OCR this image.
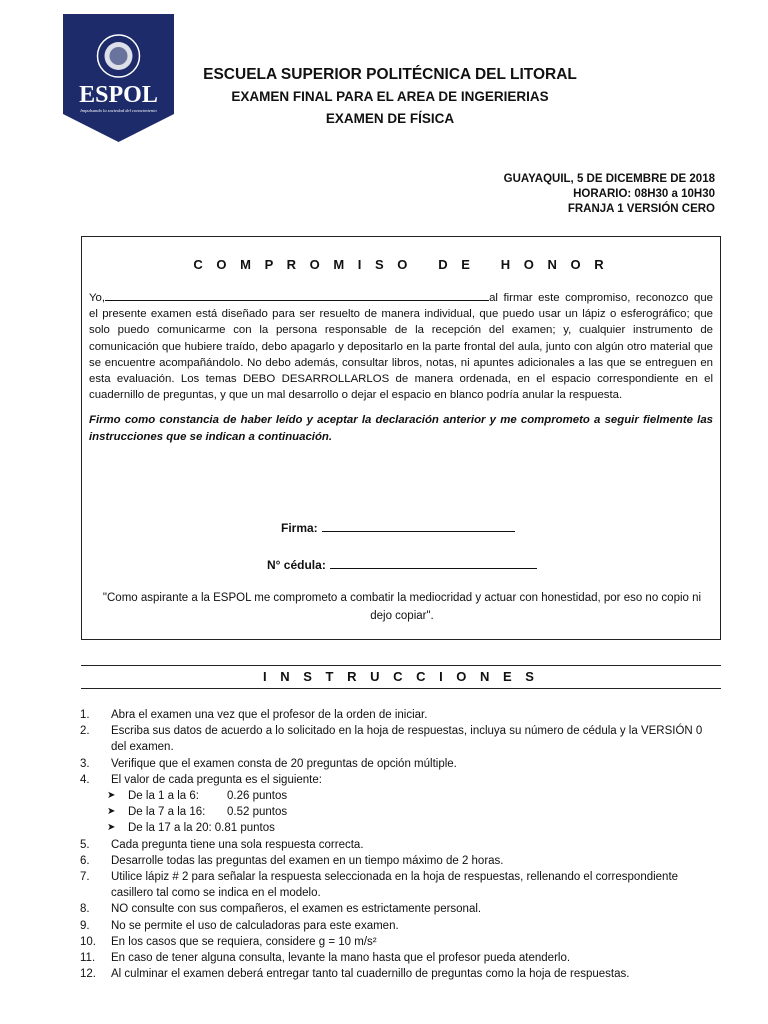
ESPOL
Impulsando la sociedad del conocimiento
ESCUELA SUPERIOR POLITÉCNICA DEL LITORAL
EXAMEN FINAL PARA EL AREA DE INGERIERIAS
EXAMEN DE FÍSICA
GUAYAQUIL, 5 DE DICEMBRE DE 2018
HORARIO: 08H30 a 10H30
FRANJA 1 VERSIÓN CERO
C O M P R O M I S O   D E   H O N O R

Yo,	al firmar este compromiso, reconozco que el presente examen está diseñado para ser resuelto de manera individual, que puedo usar un lápiz o esferográfico; que solo puedo comunicarme con la persona responsable de la recepción del examen; y, cualquier instrumento de comunicación que hubiere traído, debo apagarlo y depositarlo en la parte frontal del aula, junto con algún otro material que se encuentre acompañándolo. No debo además, consultar libros, notas, ni apuntes adicionales a las que se entreguen en esta evaluación. Los temas DEBO DESARROLLARLOS de manera ordenada, en el espacio correspondiente en el cuadernillo de preguntas, y que un mal desarrollo o dejar el espacio en blanco podría anular la respuesta.

Firmo como constancia de haber leído y aceptar la declaración anterior y me comprometo a seguir fielmente las instrucciones que se indican a continuación.

Firma:
N° cédula:
"Como aspirante a la ESPOL me comprometo a combatir la mediocridad y actuar con honestidad, por eso no copio ni dejo copiar".
I N S T R U C C I O N E S
1.	Abra el examen una vez que el profesor de la orden de iniciar.
2.	Escriba sus datos de acuerdo a lo solicitado en la hoja de respuestas, incluya su número de cédula y la VERSIÓN 0 del examen.
3.	Verifique que el examen consta de 20 preguntas de opción múltiple.
4.	El valor de cada pregunta es el siguiente:
➤	De la 1 a la 6:	0.26 puntos
➤	De la 7 a la 16:	0.52 puntos
➤	De la 17 a la 20: 0.81 puntos
5.	Cada pregunta tiene una sola respuesta correcta.
6.	Desarrolle todas las preguntas del examen en un tiempo máximo de 2 horas.
7.	Utilice lápiz # 2 para señalar la respuesta seleccionada en la hoja de respuestas, rellenando el correspondiente casillero tal como se indica en el modelo.
8.	NO consulte con sus compañeros, el examen es estrictamente personal.
9.	No se permite el uso de calculadoras para este examen.
10.	En los casos que se requiera, considere g = 10 m/s²
11.	En caso de tener alguna consulta, levante la mano hasta que el profesor pueda atenderlo.
12.	Al culminar el examen deberá entregar tanto tal cuadernillo de preguntas como la hoja de respuestas.
